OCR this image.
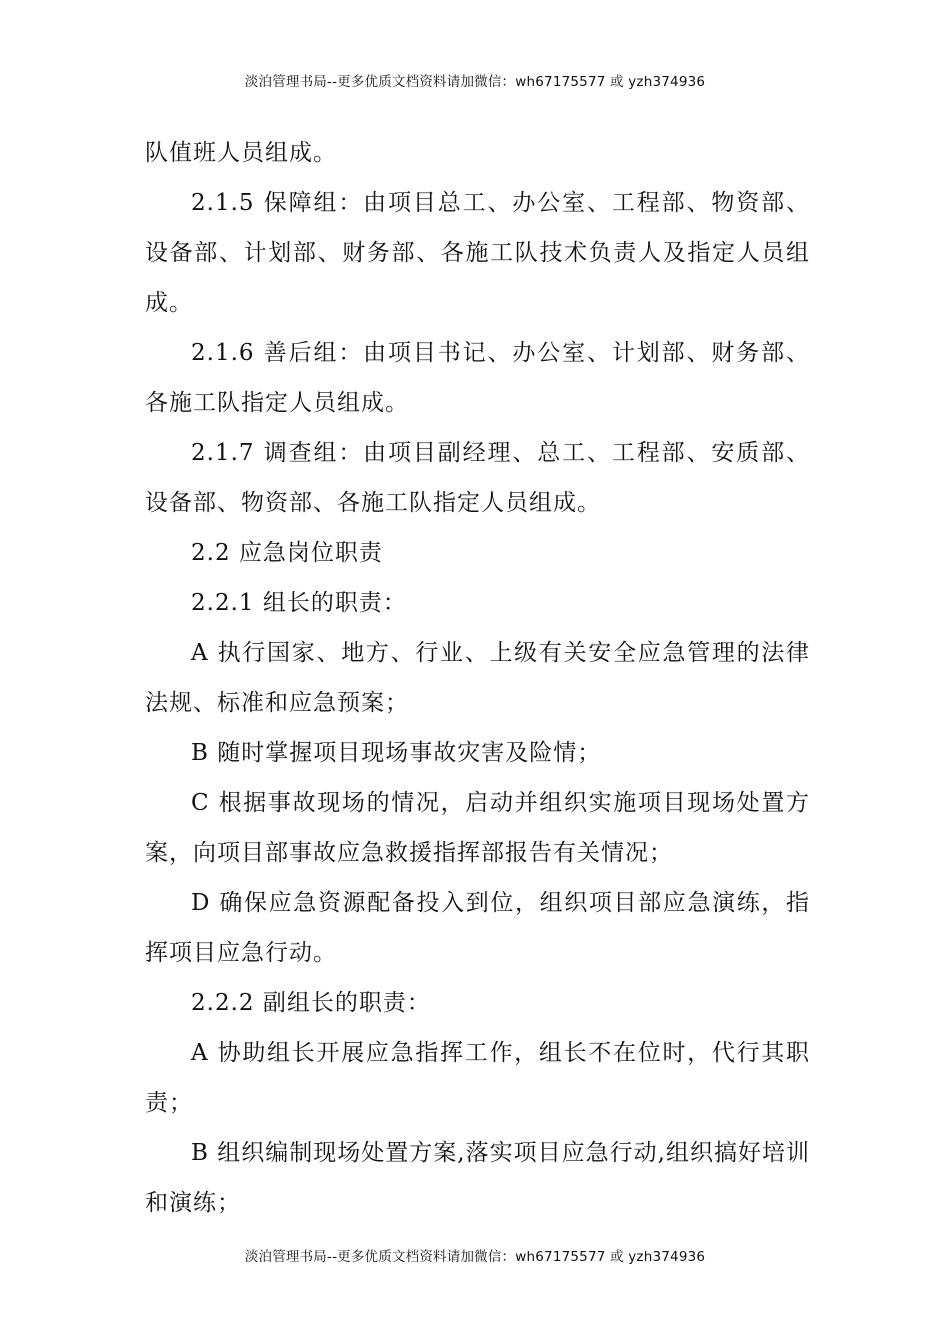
淡泊管理书局--更多优质文档资料请加微信：wh67175577 或 yzh374936

队值班人员组成。

2.1.5 保障组：由项目总工、办公室、工程部、物资部、设备部、计划部、财务部、各施工队技术负责人及指定人员组成。

2.1.6 善后组：由项目书记、办公室、计划部、财务部、各施工队指定人员组成。

2.1.7 调查组：由项目副经理、总工、工程部、安质部、设备部、物资部、各施工队指定人员组成。

2.2 应急岗位职责

2.2.1 组长的职责：

A 执行国家、地方、行业、上级有关安全应急管理的法律法规、标准和应急预案；

B 随时掌握项目现场事故灾害及险情；

C 根据事故现场的情况，启动并组织实施项目现场处置方案，向项目部事故应急救援指挥部报告有关情况；

D 确保应急资源配备投入到位，组织项目部应急演练，指挥项目应急行动。

2.2.2 副组长的职责：

A 协助组长开展应急指挥工作，组长不在位时，代行其职责；

B 组织编制现场处置方案,落实项目应急行动,组织搞好培训和演练；

淡泊管理书局--更多优质文档资料请加微信：wh67175577 或 yzh374936
